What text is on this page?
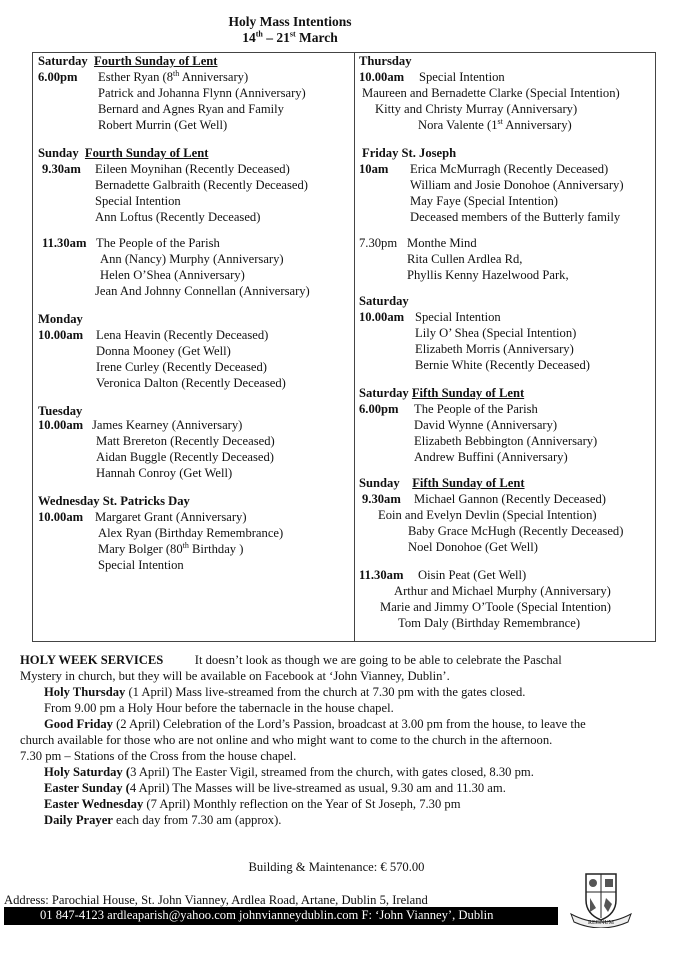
Holy Mass Intentions
14th – 21st March
Saturday Fourth Sunday of Lent
6.00pm Esther Ryan (8th Anniversary)
Patrick and Johanna Flynn (Anniversary)
Bernard and Agnes Ryan and Family
Robert Murrin (Get Well)
Sunday Fourth Sunday of Lent
9.30am Eileen Moynihan (Recently Deceased)
Bernadette Galbraith (Recently Deceased)
Special Intention
Ann Loftus (Recently Deceased)
11.30am The People of the Parish
Ann (Nancy) Murphy (Anniversary)
Helen O’Shea (Anniversary)
Jean And Johnny Connellan (Anniversary)
Monday
10.00am Lena Heavin (Recently Deceased)
Donna Mooney (Get Well)
Irene Curley (Recently Deceased)
Veronica Dalton (Recently Deceased)
Tuesday
10.00am James Kearney (Anniversary)
Matt Brereton (Recently Deceased)
Aidan Buggle (Recently Deceased)
Hannah Conroy (Get Well)
Wednesday St. Patricks Day
10.00am Margaret Grant (Anniversary)
Alex Ryan (Birthday Remembrance)
Mary Bolger (80th Birthday )
Special Intention
Thursday
10.00am Special Intention
Maureen and Bernadette Clarke (Special Intention)
Kitty and Christy Murray (Anniversary)
Nora Valente (1st Anniversary)
Friday St. Joseph
10am Erica McMurragh (Recently Deceased)
William and Josie Donohoe (Anniversary)
May Faye (Special Intention)
Deceased members of the Butterly family
7.30pm Monthe Mind
Rita Cullen Ardlea Rd,
Phyllis Kenny Hazelwood Park,
Saturday
10.00am Special Intention
Lily O’ Shea (Special Intention)
Elizabeth Morris (Anniversary)
Bernie White (Recently Deceased)
Saturday Fifth Sunday of Lent
6.00pm The People of the Parish
David Wynne (Anniversary)
Elizabeth Bebbington (Anniversary)
Andrew Buffini (Anniversary)
Sunday Fifth Sunday of Lent
9.30am Michael Gannon (Recently Deceased)
Eoin and Evelyn Devlin (Special Intention)
Baby Grace McHugh (Recently Deceased)
Noel Donohoe (Get Well)
11.30am Oisin Peat (Get Well)
Arthur and Michael Murphy (Anniversary)
Marie and Jimmy O’Toole (Special Intention)
Tom Daly (Birthday Remembrance)
HOLY WEEK SERVICES It doesn’t look as though we are going to be able to celebrate the Paschal
Mystery in church, but they will be available on Facebook at ‘John Vianney, Dublin’.
Holy Thursday (1 April) Mass live-streamed from the church at 7.30 pm with the gates closed.
From 9.00 pm a Holy Hour before the tabernacle in the house chapel.
Good Friday (2 April) Celebration of the Lord’s Passion, broadcast at 3.00 pm from the house, to leave the
church available for those who are not online and who might want to come to the church in the afternoon.
7.30 pm – Stations of the Cross from the house chapel.
Holy Saturday (3 April) The Easter Vigil, streamed from the church, with gates closed, 8.30 pm.
Easter Sunday (4 April) The Masses will be live-streamed as usual, 9.30 am and 11.30 am.
Easter Wednesday (7 April) Monthly reflection on the Year of St Joseph, 7.30 pm
Daily Prayer each day from 7.30 am (approx).
Building & Maintenance: € 570.00
Address: Parochial House, St. John Vianney, Ardlea Road, Artane, Dublin 5, Ireland
01 847-4123 ardleaparish@yahoo.com johnvianneydublin.com F: ‘John Vianney’, Dublin
REGNUM
